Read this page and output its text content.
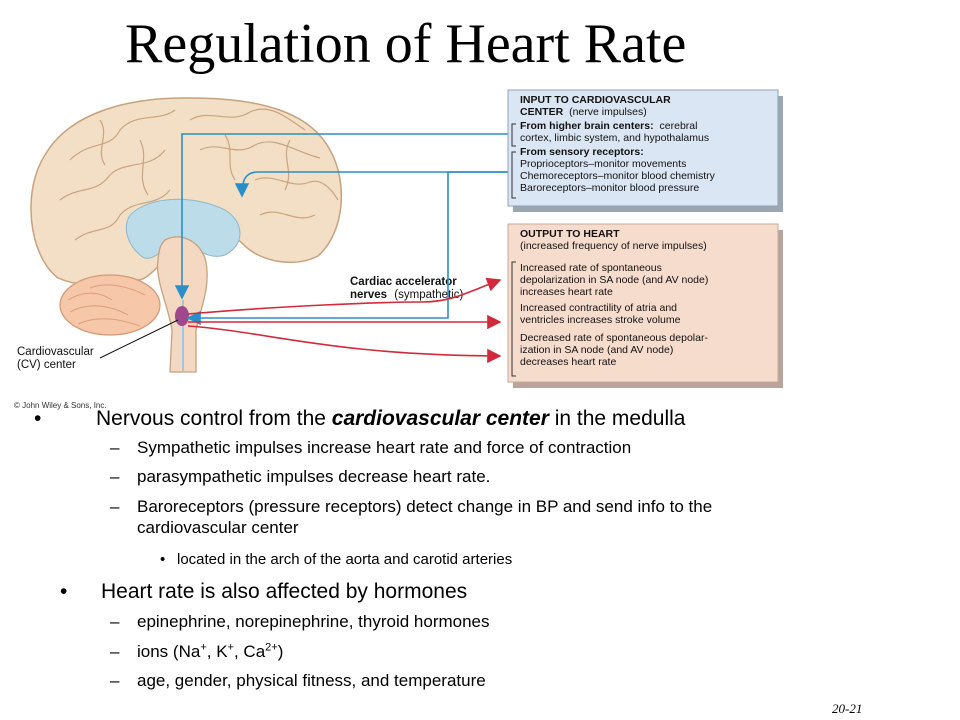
Regulation of Heart Rate
© John Wiley & Sons, Inc.
Cardiovascular (CV) center
Cardiac accelerator nerves (sympathetic)
INPUT TO CARDIOVASCULAR CENTER (nerve impulses) From higher brain centers: cerebral cortex, limbic system, and hypothalamus From sensory receptors: Proprioceptors–monitor movements Chemoreceptors–monitor blood chemistry Baroreceptors–monitor blood pressure
OUTPUT TO HEART (increased frequency of nerve impulses) Increased rate of spontaneous depolarization in SA node (and AV node) increases heart rate Increased contractility of atria and ventricles increases stroke volume Decreased rate of spontaneous depolar- ization in SA node (and AV node) decreases heart rate
•	Nervous control from the cardiovascular center in the medulla
– Sympathetic impulses increase heart rate and force of contraction
– parasympathetic impulses decrease heart rate.
– Baroreceptors (pressure receptors) detect change in BP and send info to the
cardiovascular center
• located in the arch of the aorta and carotid arteries
• Heart rate is also affected by hormones
– epinephrine, norepinephrine, thyroid hormones
– ions (Na+, K+, $Ca^{2+}$)
– age, gender, physical fitness, and temperature
20-21
